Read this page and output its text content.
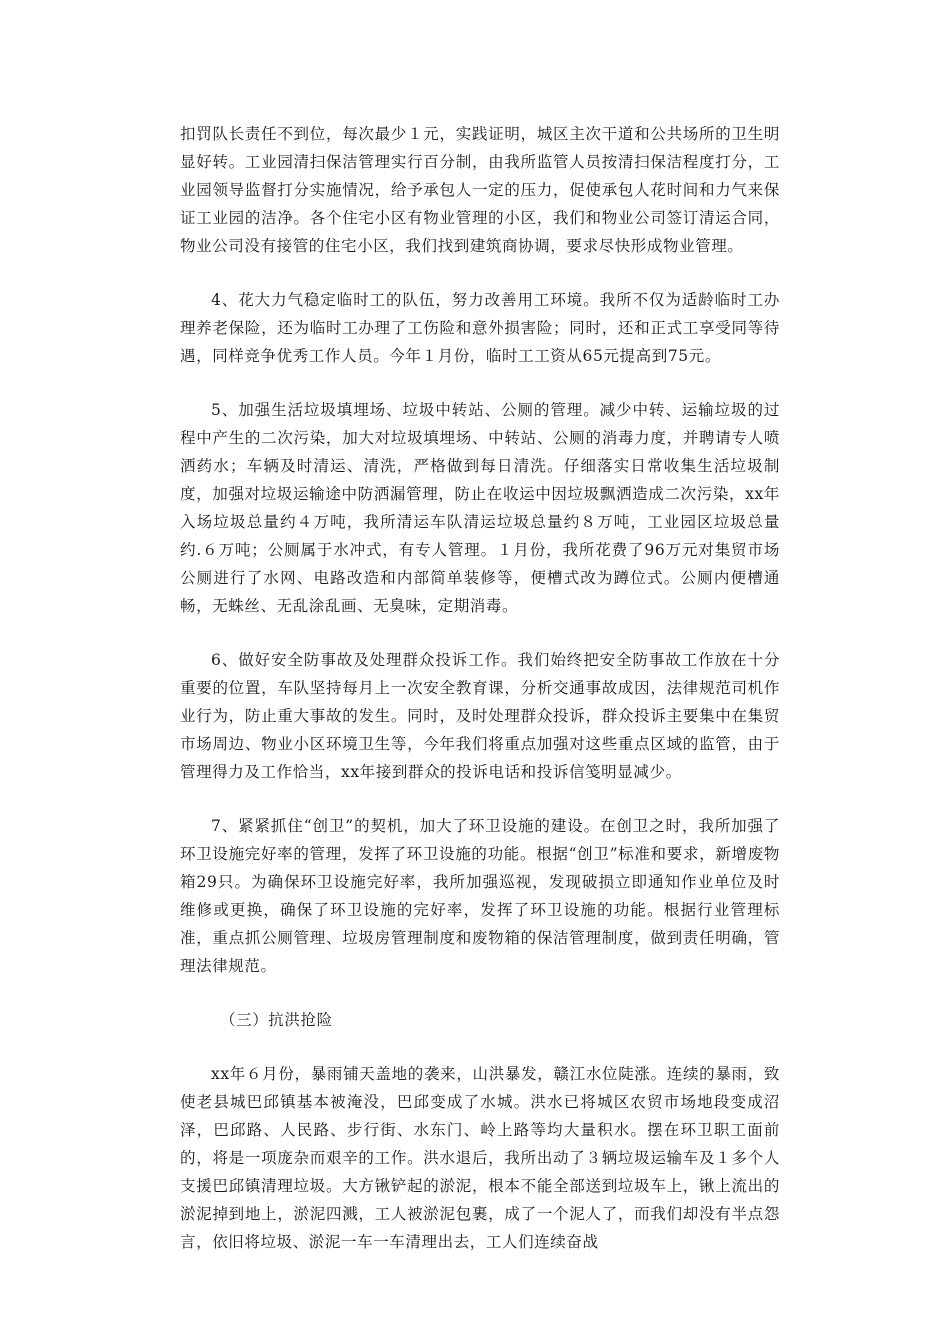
扣罚队长责任不到位，每次最少１元，实践证明，城区主次干道和公共场所的卫生明显好转。工业园清扫保洁管理实行百分制，由我所监管人员按清扫保洁程度打分，工业园领导监督打分实施情况，给予承包人一定的压力，促使承包人花时间和力气来保证工业园的洁净。各个住宅小区有物业管理的小区，我们和物业公司签订清运合同，物业公司没有接管的住宅小区，我们找到建筑商协调，要求尽快形成物业管理。

4、花大力气稳定临时工的队伍，努力改善用工环境。我所不仅为适龄临时工办理养老保险，还为临时工办理了工伤险和意外损害险；同时，还和正式工享受同等待遇，同样竞争优秀工作人员。今年１月份，临时工工资从65元提高到75元。

5、加强生活垃圾填埋场、垃圾中转站、公厕的管理。减少中转、运输垃圾的过程中产生的二次污染，加大对垃圾填埋场、中转站、公厕的消毒力度，并聘请专人喷洒药水；车辆及时清运、清洗，严格做到每日清洗。仔细落实日常收集生活垃圾制度，加强对垃圾运输途中防洒漏管理，防止在收运中因垃圾飘洒造成二次污染，xx年入场垃圾总量约４万吨，我所清运车队清运垃圾总量约８万吨，工业园区垃圾总量约.６万吨；公厕属于水冲式，有专人管理。１月份，我所花费了96万元对集贸市场公厕进行了水网、电路改造和内部简单装修等，便槽式改为蹲位式。公厕内便槽通畅，无蛛丝、无乱涂乱画、无臭味，定期消毒。

6、做好安全防事故及处理群众投诉工作。我们始终把安全防事故工作放在十分重要的位置，车队坚持每月上一次安全教育课，分析交通事故成因，法律规范司机作业行为，防止重大事故的发生。同时，及时处理群众投诉，群众投诉主要集中在集贸市场周边、物业小区环境卫生等，今年我们将重点加强对这些重点区域的监管，由于管理得力及工作恰当，xx年接到群众的投诉电话和投诉信笺明显减少。

7、紧紧抓住“创卫”的契机，加大了环卫设施的建设。在创卫之时，我所加强了环卫设施完好率的管理，发挥了环卫设施的功能。根据“创卫”标准和要求，新增废物箱29只。为确保环卫设施完好率，我所加强巡视，发现破损立即通知作业单位及时维修或更换，确保了环卫设施的完好率，发挥了环卫设施的功能。根据行业管理标准，重点抓公厕管理、垃圾房管理制度和废物箱的保洁管理制度，做到责任明确，管理法律规范。

（三）抗洪抢险

xx年６月份，暴雨铺天盖地的袭来，山洪暴发，赣江水位陡涨。连续的暴雨，致使老县城巴邱镇基本被淹没，巴邱变成了水城。洪水已将城区农贸市场地段变成沼泽，巴邱路、人民路、步行街、水东门、岭上路等均大量积水。摆在环卫职工面前的，将是一项庞杂而艰辛的工作。洪水退后，我所出动了３辆垃圾运输车及１多个人支援巴邱镇清理垃圾。大方锹铲起的淤泥，根本不能全部送到垃圾车上，锹上流出的淤泥掉到地上，淤泥四溅，工人被淤泥包裹，成了一个泥人了，而我们却没有半点怨言，依旧将垃圾、淤泥一车一车清理出去，工人们连续奋战
